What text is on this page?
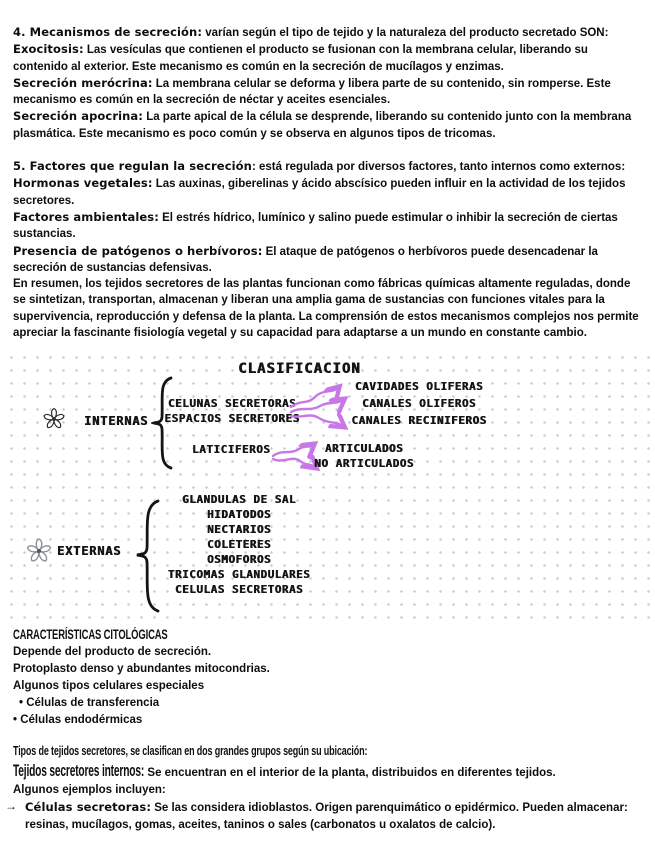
4. Mecanismos de secreción: varían según el tipo de tejido y la naturaleza del producto secretado SON:
Exocitosis: Las vesículas que contienen el producto se fusionan con la membrana celular, liberando su contenido al exterior. Este mecanismo es común en la secreción de mucílagos y enzimas.
Secreción merócrina: La membrana celular se deforma y libera parte de su contenido, sin romperse. Este mecanismo es común en la secreción de néctar y aceites esenciales.
Secreción apocrina: La parte apical de la célula se desprende, liberando su contenido junto con la membrana plasmática. Este mecanismo es poco común y se observa en algunos tipos de tricomas.
5. Factores que regulan la secreción: está regulada por diversos factores, tanto internos como externos:
Hormonas vegetales: Las auxinas, giberelinas y ácido abscísico pueden influir en la actividad de los tejidos secretores.
Factores ambientales: El estrés hídrico, lumínico y salino puede estimular o inhibir la secreción de ciertas sustancias.
Presencia de patógenos o herbívoros: El ataque de patógenos o herbívoros puede desencadenar la secreción de sustancias defensivas.
En resumen, los tejidos secretores de las plantas funcionan como fábricas químicas altamente reguladas, donde se sintetizan, transportan, almacenan y liberan una amplia gama de sustancias con funciones vitales para la supervivencia, reproducción y defensa de la planta. La comprensión de estos mecanismos complejos nos permite apreciar la fascinante fisiología vegetal y su capacidad para adaptarse a un mundo en constante cambio.
CLASIFICACION
INTERNAS
CELUNAS SECRETORAS
ESPACIOS SECRETORES
CAVIDADES OLIFERAS
CANALES OLIFEROS
CANALES RECINIFEROS
LATICIFEROS	ARTICULADOS
NO ARTICULADOS
EXTERNAS
GLANDULAS DE SAL
HIDATODOS
NECTARIOS
COLETERES
OSMOFOROS
TRICOMAS GLANDULARES
CELULAS SECRETORAS
CARACTERÍSTICAS CITOLÓGICAS
Depende del producto de secreción.
Protoplasto denso y abundantes mitocondrias.
Algunos tipos celulares especiales
• Células de transferencia
• Células endodérmicas
Tipos de tejidos secretores, se clasifican en dos grandes grupos según su ubicación:
Tejidos secretores internos: Se encuentran en el interior de la planta, distribuidos en diferentes tejidos.
Algunos ejemplos incluyen:
→ Células secretoras: Se las considera idioblastos. Origen parenquimático o epidérmico. Pueden almacenar: resinas, mucílagos, gomas, aceites, taninos o sales (carbonatos u oxalatos de calcio).
